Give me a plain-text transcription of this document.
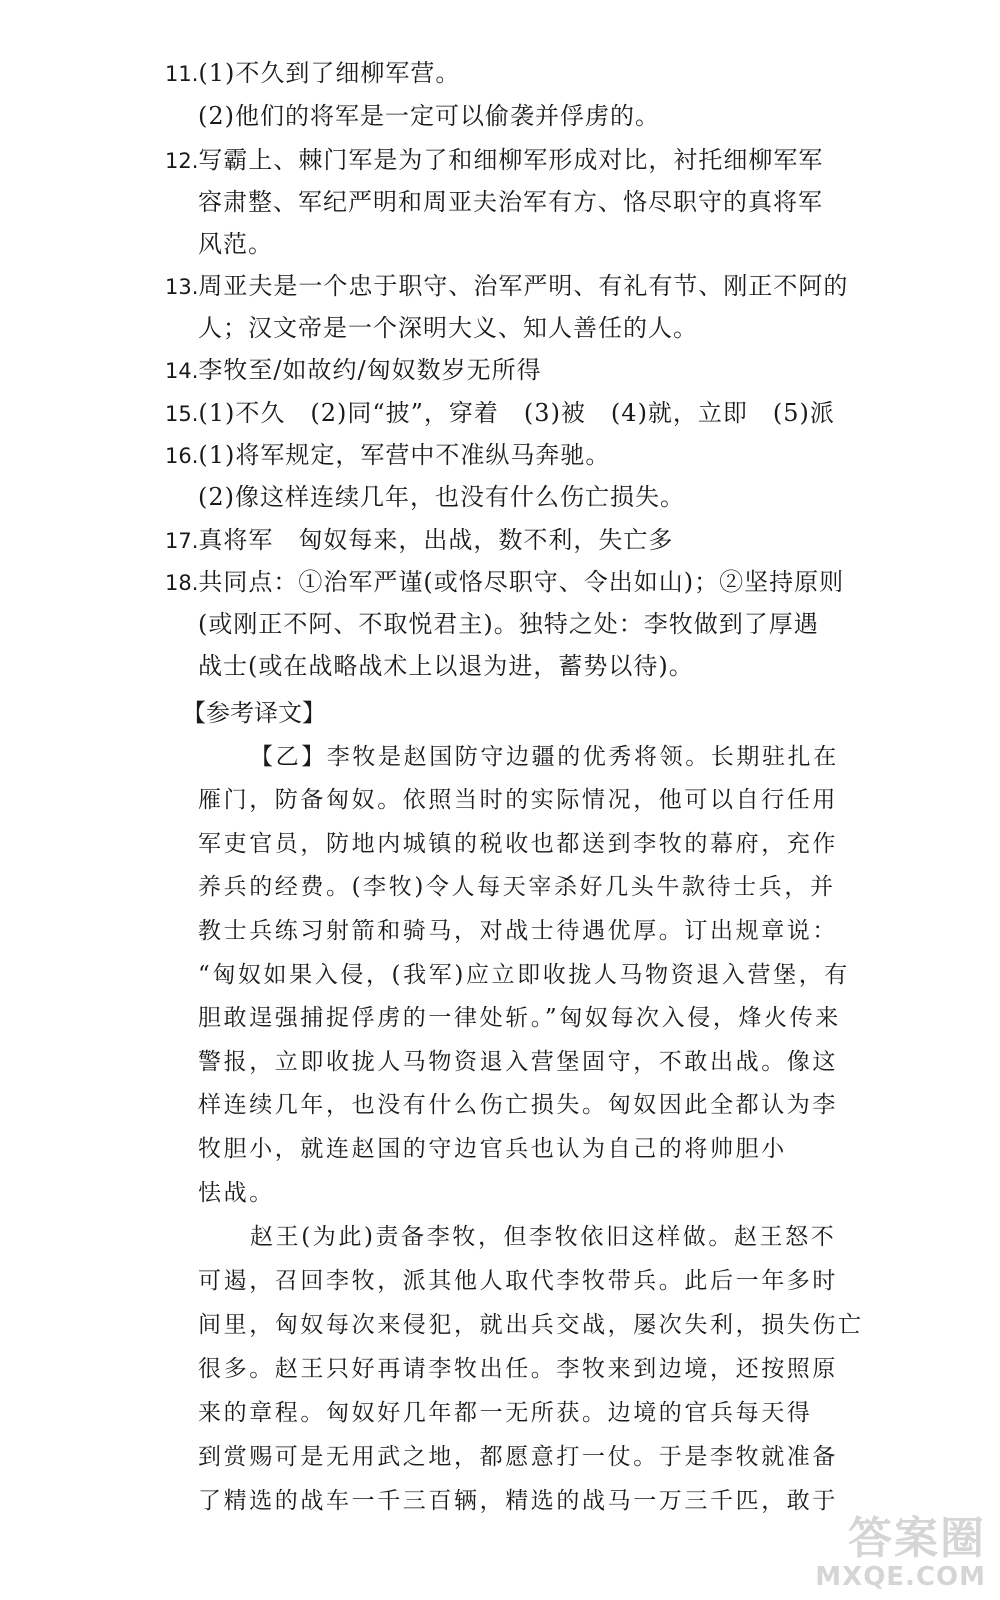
11.(1)不久到了细柳军营。
(2)他们的将军是一定可以偷袭并俘虏的。
12.写霸上、棘门军是为了和细柳军形成对比，衬托细柳军军
容肃整、军纪严明和周亚夫治军有方、恪尽职守的真将军
风范。
13.周亚夫是一个忠于职守、治军严明、有礼有节、刚正不阿的
人；汉文帝是一个深明大义、知人善任的人。
14.李牧至/如故约/匈奴数岁无所得
15.(1)不久　(2)同“披”，穿着　(3)被　(4)就，立即　(5)派
16.(1)将军规定，军营中不准纵马奔驰。
(2)像这样连续几年，也没有什么伤亡损失。
17.真将军　匈奴每来，出战，数不利，失亡多
18.共同点：①治军严谨(或恪尽职守、令出如山)；②坚持原则
(或刚正不阿、不取悦君主)。独特之处：李牧做到了厚遇
战士(或在战略战术上以退为进，蓄势以待)。
【参考译文】
【乙】李牧是赵国防守边疆的优秀将领。长期驻扎在
雁门，防备匈奴。依照当时的实际情况，他可以自行任用
军吏官员，防地内城镇的税收也都送到李牧的幕府，充作
养兵的经费。(李牧)令人每天宰杀好几头牛款待士兵，并
教士兵练习射箭和骑马，对战士待遇优厚。订出规章说：
“匈奴如果入侵，(我军)应立即收拢人马物资退入营堡，有
胆敢逞强捕捉俘虏的一律处斩。”匈奴每次入侵，烽火传来
警报，立即收拢人马物资退入营堡固守，不敢出战。像这
样连续几年，也没有什么伤亡损失。匈奴因此全都认为李
牧胆小，就连赵国的守边官兵也认为自己的将帅胆小
怯战。
赵王(为此)责备李牧，但李牧依旧这样做。赵王怒不
可遏，召回李牧，派其他人取代李牧带兵。此后一年多时
间里，匈奴每次来侵犯，就出兵交战，屡次失利，损失伤亡
很多。赵王只好再请李牧出任。李牧来到边境，还按照原
来的章程。匈奴好几年都一无所获。边境的官兵每天得
到赏赐可是无用武之地，都愿意打一仗。于是李牧就准备
了精选的战车一千三百辆，精选的战马一万三千匹，敢于
答案圈
MXQE.COM
